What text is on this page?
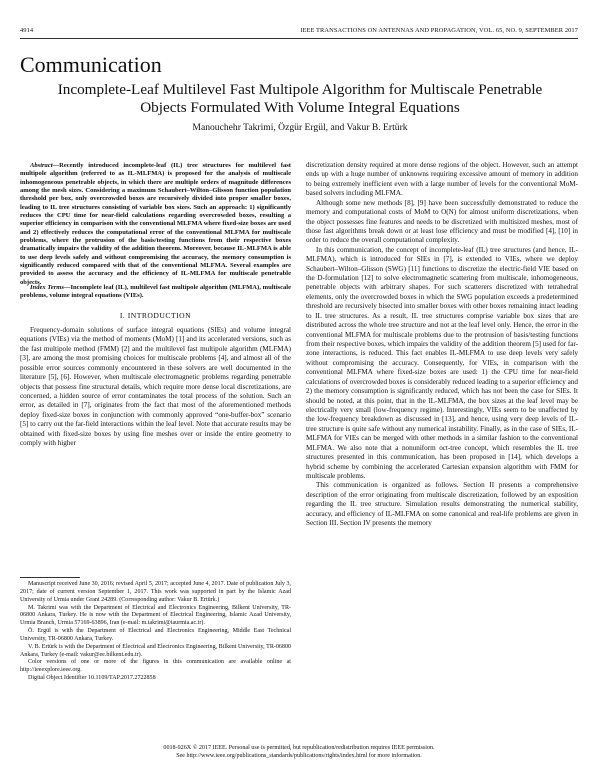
4914	IEEE TRANSACTIONS ON ANTENNAS AND PROPAGATION, VOL. 65, NO. 9, SEPTEMBER 2017
Communication
Incomplete-Leaf Multilevel Fast Multipole Algorithm for Multiscale Penetrable
Objects Formulated With Volume Integral Equations
Manouchehr Takrimi, Özgür Ergül, and Vakur B. Ertürk

Abstract—Recently introduced incomplete-leaf (IL) tree structures for multilevel fast multipole algorithm (referred to as IL-MLFMA) is proposed for the analysis of multiscale inhomogeneous penetrable objects, in which there are multiple orders of magnitude differences among the mesh sizes. Considering a maximum Schaubert–Wilton–Glisson function population threshold per box, only overcrowded boxes are recursively divided into proper smaller boxes, leading to IL tree structures consisting of variable box sizes. Such an approach: 1) significantly reduces the CPU time for near-field calculations regarding overcrowded boxes, resulting a superior efficiency in comparison with the conventional MLFMA where fixed-size boxes are used and 2) effectively reduces the computational error of the conventional MLFMA for multiscale problems, where the protrusion of the basis/testing functions from their respective boxes dramatically impairs the validity of the addition theorem. Moreover, because IL-MLFMA is able to use deep levels safely and without compromising the accuracy, the memory consumption is significantly reduced compared with that of the conventional MLFMA. Several examples are provided to assess the accuracy and the efficiency of IL-MLFMA for multiscale penetrable objects.

Index Terms—Incomplete leaf (IL), multilevel fast multipole algorithm (MLFMA), multiscale problems, volume integral equations (VIEs).

I. INTRODUCTION

Frequency-domain solutions of surface integral equations (SIEs) and volume integral equations (VIEs) via the method of moments (MoM) [1] and its accelerated versions, such as the fast multipole method (FMM) [2] and the multilevel fast multipole algorithm (MLFMA) [3], are among the most promising choices for multiscale problems [4], and almost all of the possible error sources commonly encountered in these solvers are well documented in the literature [5], [6]. However, when multiscale electromagnetic problems regarding penetrable objects that possess fine structural details, which require more dense local discretizations, are concerned, a hidden source of error contaminates the total process of the solution. Such an error, as detailed in [7], originates from the fact that most of the aforementioned methods deploy fixed-size boxes in conjunction with commonly approved “one-buffer-box” scenario [5] to carry out the far-field interactions within the leaf level. Note that accurate results may be obtained with fixed-size boxes by using fine meshes over or inside the entire geometry to comply with higher

Manuscript received June 30, 2016; revised April 5, 2017; accepted June 4, 2017. Date of publication July 3, 2017; date of current version September 1, 2017. This work was supported in part by the Islamic Azad University of Urmia under Grant 24289. (Corresponding author: Vakur B. Ertürk.)

M. Takrimi was with the Department of Electrical and Electronics Engineering, Bilkent University, TR-06800 Ankara, Turkey. He is now with the Department of Electrical Engineering, Islamic Azad University, Urmia Branch, Urmia 57169-63896, Iran (e-mail: m.takrimi@iaurmia.ac.ir).

Ö. Ergül is with the Department of Electrical and Electronics Engineering, Middle East Technical University, TR-06800 Ankara, Turkey.

V. B. Ertürk is with the Department of Electrical and Electronics Engineering, Bilkent University, TR-06800 Ankara, Turkey (e-mail: vakur@ee.bilkent.edu.tr).

Color versions of one or more of the figures in this communication are available online at http://ieeexplore.ieee.org.

Digital Object Identifier 10.1109/TAP.2017.2722858

discretization density required at more dense regions of the object. However, such an attempt ends up with a huge number of unknowns requiring excessive amount of memory in addition to being extremely inefficient even with a large number of levels for the conventional MoM-based solvers including MLFMA.

Although some new methods [8], [9] have been successfully demonstrated to reduce the memory and computational costs of MoM to O(N) for almost uniform discretizations, when the object possesses fine features and needs to be discretized with multisized meshes, most of those fast algorithms break down or at least lose efficiency and must be modified [4], [10] in order to reduce the overall computational complexity.

In this communication, the concept of incomplete-leaf (IL) tree structures (and hence, IL-MLFMA), which is introduced for SIEs in [7], is extended to VIEs, where we deploy Schaubert–Wilton–Glisson (SWG) [11] functions to discretize the electric-field VIE based on the D-formulation [12] to solve electromagnetic scattering from multiscale, inhomogeneous, penetrable objects with arbitrary shapes. For such scatterers discretized with tetrahedral elements, only the overcrowded boxes in which the SWG population exceeds a predetermined threshold are recursively bisected into smaller boxes with other boxes remaining intact leading to IL tree structures. As a result, IL tree structures comprise variable box sizes that are distributed across the whole tree structure and not at the leaf level only. Hence, the error in the conventional MLFMA for multiscale problems due to the protrusion of basis/testing functions from their respective boxes, which impairs the validity of the addition theorem [5] used for far-zone interactions, is reduced. This fact enables IL-MLFMA to use deep levels very safely without compromising the accuracy. Consequently, for VIEs, in comparison with the conventional MLFMA where fixed-size boxes are used: 1) the CPU time for near-field calculations of overcrowded boxes is considerably reduced leading to a superior efficiency and 2) the memory consumption is significantly reduced, which has not been the case for SIEs. It should be noted, at this point, that in the IL-MLFMA, the box sizes at the leaf level may be electrically very small (low-frequency regime). Interestingly, VIEs seem to be unaffected by the low-frequency breakdown as discussed in [13], and hence, using very deep levels of IL-tree structure is quite safe without any numerical instability. Finally, as in the case of SIEs, IL-MLFMA for VIEs can be merged with other methods in a similar fashion to the conventional MLFMA. We also note that a nonuniform oct-tree concept, which resembles the IL tree structures presented in this communication, has been proposed in [14], which develops a hybrid scheme by combining the accelerated Cartesian expansion algorithm with FMM for multiscale problems.

This communication is organized as follows. Section II presents a comprehensive description of the error originating from multiscale discretization, followed by an exposition regarding the IL tree structure. Simulation results demonstrating the numerical stability, accuracy, and efficiency of IL-MLFMA on some canonical and real-life problems are given in Section III. Section IV presents the memory

0018-926X © 2017 IEEE. Personal use is permitted, but republication/redistribution requires IEEE permission.
See http://www.ieee.org/publications_standards/publications/rights/index.html for more information.
